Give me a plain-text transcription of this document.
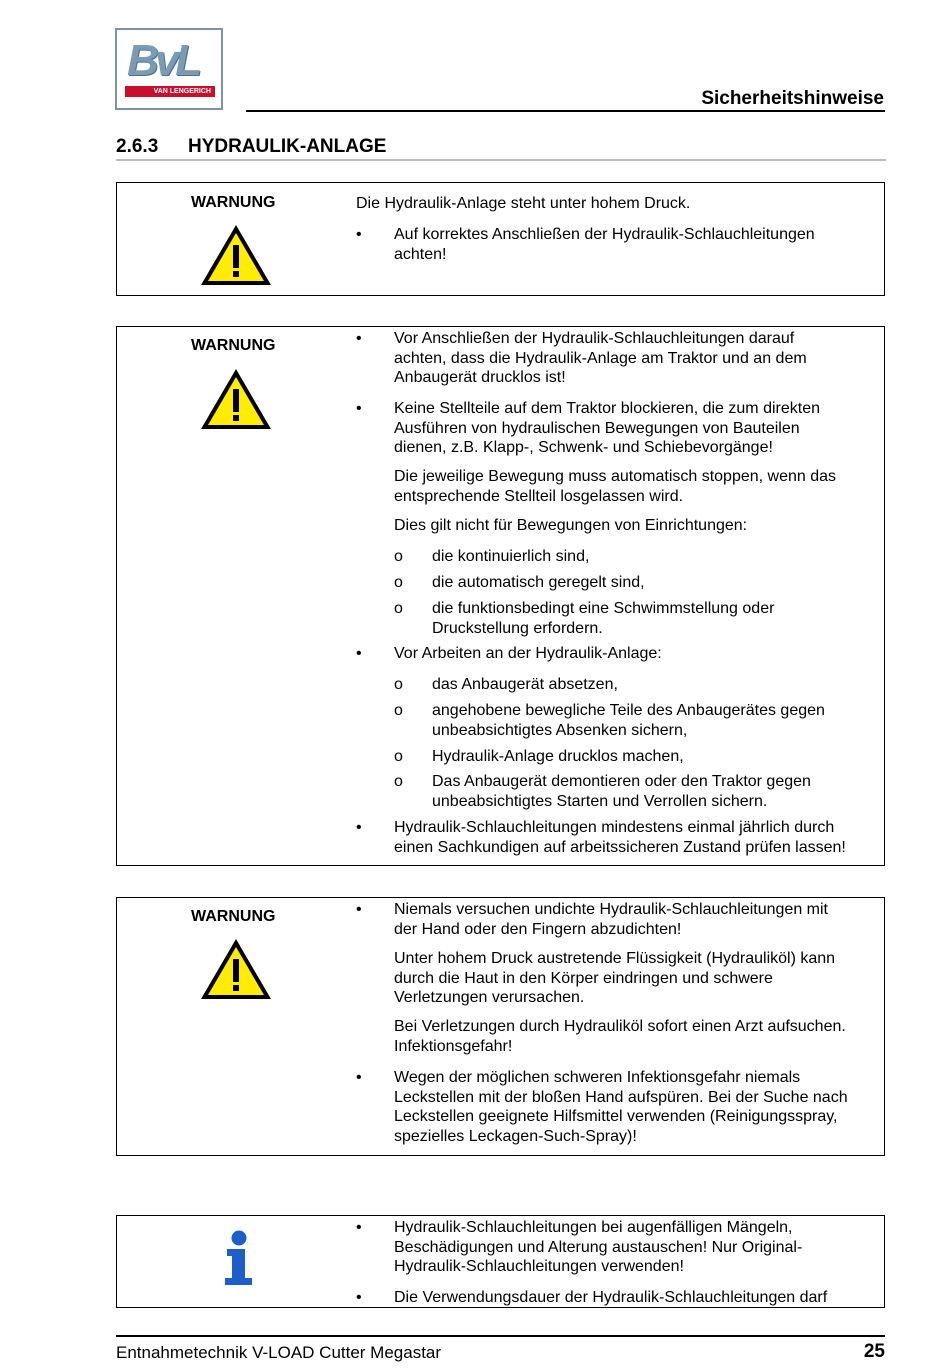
BvL
VAN LENGERICH	Sicherheitshinweise
2.6.3 HYDRAULIK-ANLAGE
WARNUNG	Die Hydraulik-Anlage steht unter hohem Druck.
• Auf korrektes Anschließen der Hydraulik-Schlauchleitungen
achten!
WARNUNG	• Vor Anschließen der Hydraulik-Schlauchleitungen darauf
achten, dass die Hydraulik-Anlage am Traktor und an dem
Anbaugerät drucklos ist!
• Keine Stellteile auf dem Traktor blockieren, die zum direkten
Ausführen von hydraulischen Bewegungen von Bauteilen
dienen, z.B. Klapp-, Schwenk- und Schiebevorgänge!
Die jeweilige Bewegung muss automatisch stoppen, wenn das
entsprechende Stellteil losgelassen wird.
Dies gilt nicht für Bewegungen von Einrichtungen:
ο die kontinuierlich sind,
ο die automatisch geregelt sind,
ο die funktionsbedingt eine Schwimmstellung oder
Druckstellung erfordern.
• Vor Arbeiten an der Hydraulik-Anlage:
ο das Anbaugerät absetzen,
ο angehobene bewegliche Teile des Anbaugerätes gegen
unbeabsichtigtes Absenken sichern,
ο Hydraulik-Anlage drucklos machen,
ο Das Anbaugerät demontieren oder den Traktor gegen
unbeabsichtigtes Starten und Verrollen sichern.
• Hydraulik-Schlauchleitungen mindestens einmal jährlich durch
einen Sachkundigen auf arbeitssicheren Zustand prüfen lassen!
WARNUNG	• Niemals versuchen undichte Hydraulik-Schlauchleitungen mit
der Hand oder den Fingern abzudichten!
Unter hohem Druck austretende Flüssigkeit (Hydrauliköl) kann
durch die Haut in den Körper eindringen und schwere
Verletzungen verursachen.
Bei Verletzungen durch Hydrauliköl sofort einen Arzt aufsuchen.
Infektionsgefahr!
• Wegen der möglichen schweren Infektionsgefahr niemals
Leckstellen mit der bloßen Hand aufspüren. Bei der Suche nach
Leckstellen geeignete Hilfsmittel verwenden (Reinigungsspray,
spezielles Leckagen-Such-Spray)!
• Hydraulik-Schlauchleitungen bei augenfälligen Mängeln,
Beschädigungen und Alterung austauschen! Nur Original-
Hydraulik-Schlauchleitungen verwenden!
• Die Verwendungsdauer der Hydraulik-Schlauchleitungen darf
Entnahmetechnik V-LOAD Cutter Megastar	25
